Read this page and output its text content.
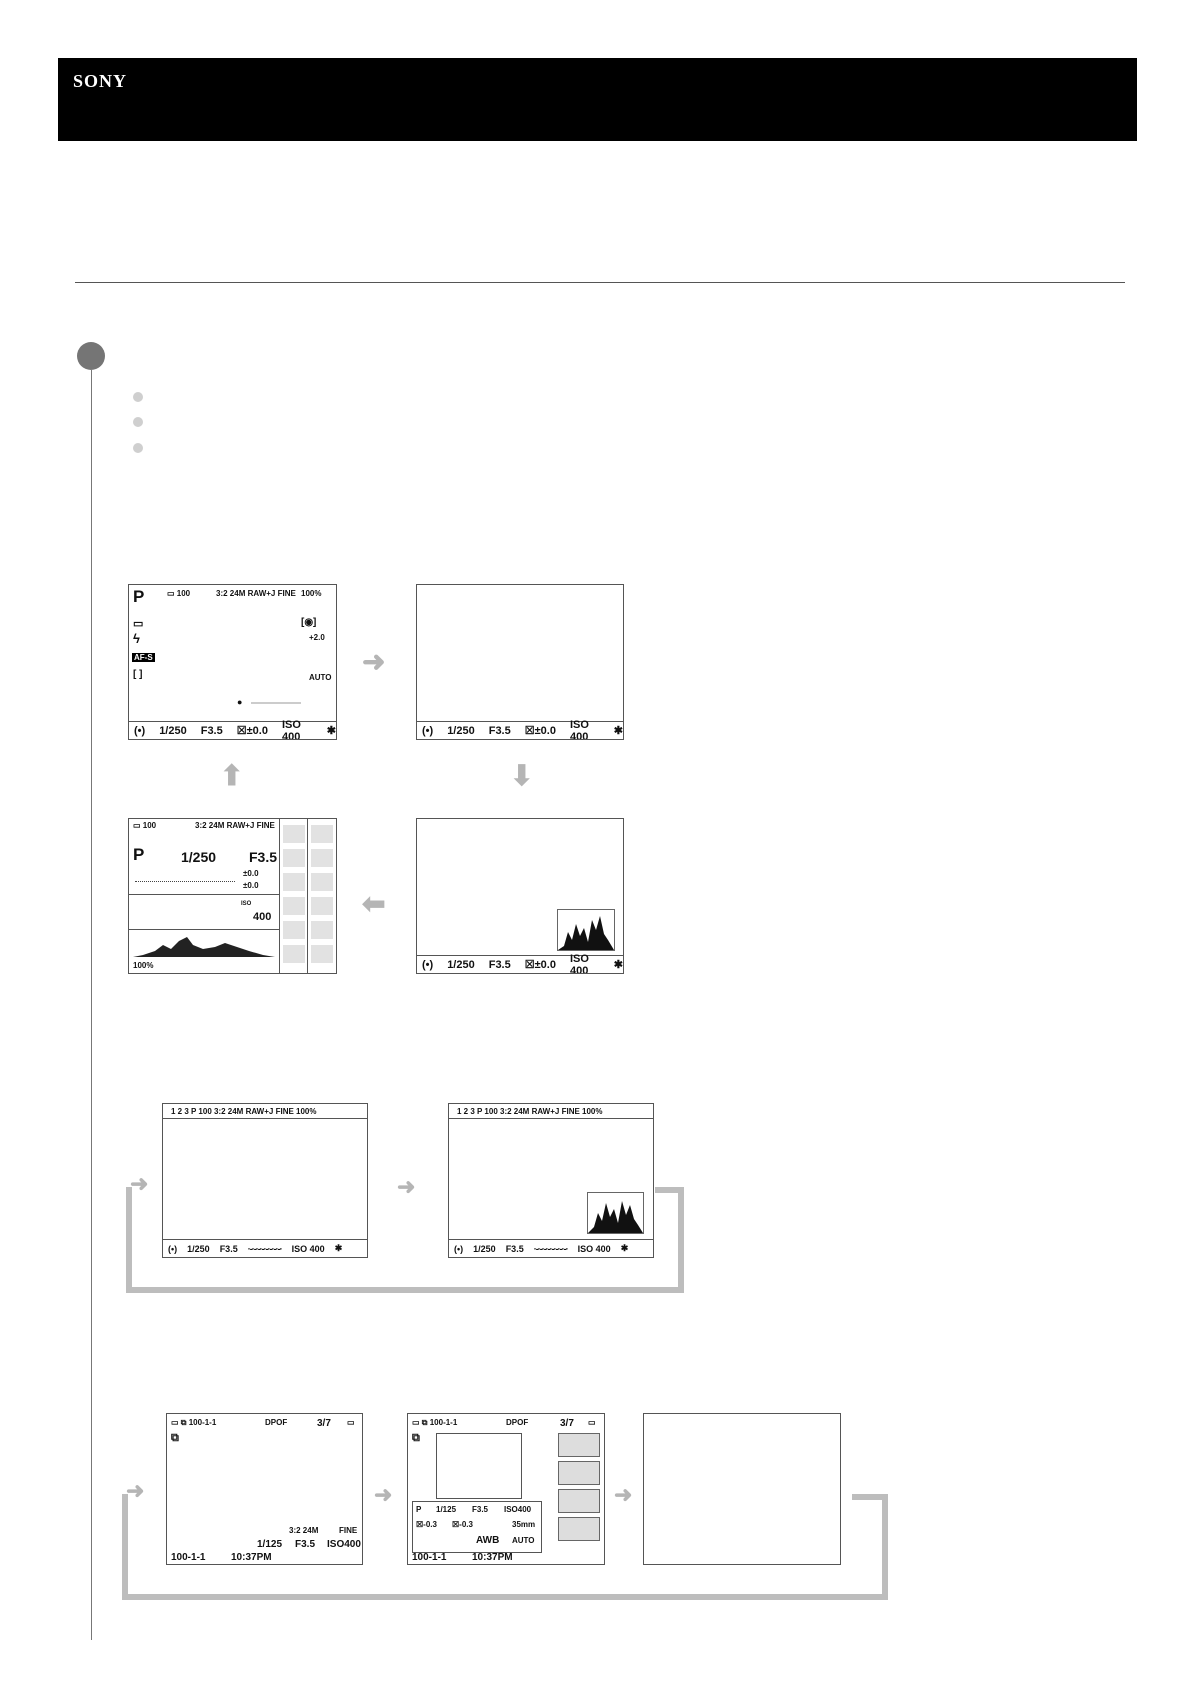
SONY
P	▭ 100	3:2 24M RAW+J FINE 100%
▭
ϟ
AF-S
[ ]
[◉]
+2.0
AUTO
●
(•) 1/250 F3.5 ☒±0.0
ISO 400	✱
➜
(•) 1/250 F3.5 ☒±0.0
ISO 400	✱
⬇
⬆
▭ 100	3:2 24M RAW+J FINE
P	1/250 F3.5
±0.0
±0.0
ISO
400
100%
⬅
(•) 1/250 F3.5 ☒±0.0
ISO 400	✱
➜
1 2 3 P 100 3:2 24M RAW+J FINE 100%
(•) 1/250 F3.5 ·-·-·-·-·-·-·-·-· ISO 400 ✱
➜
1 2 3 P 100 3:2 24M RAW+J FINE 100%
(•) 1/250 F3.5 ·-·-·-·-·-·-·-·-· ISO 400 ✱
➜
▭ ⧉ 100-1-1	DPOF	3/7 ▭
⧉
3:2 24M	FINE
1/125 F3.5 ISO400
100-1-1	10:37PM
➜
▭ ⧉ 100-1-1	DPOF	3/7 ▭
⧉
P 1/125 F3.5 ISO400
☒-0.3 ☒-0.3	35mm
AWB AUTO
100-1-1	10:37PM
➜
